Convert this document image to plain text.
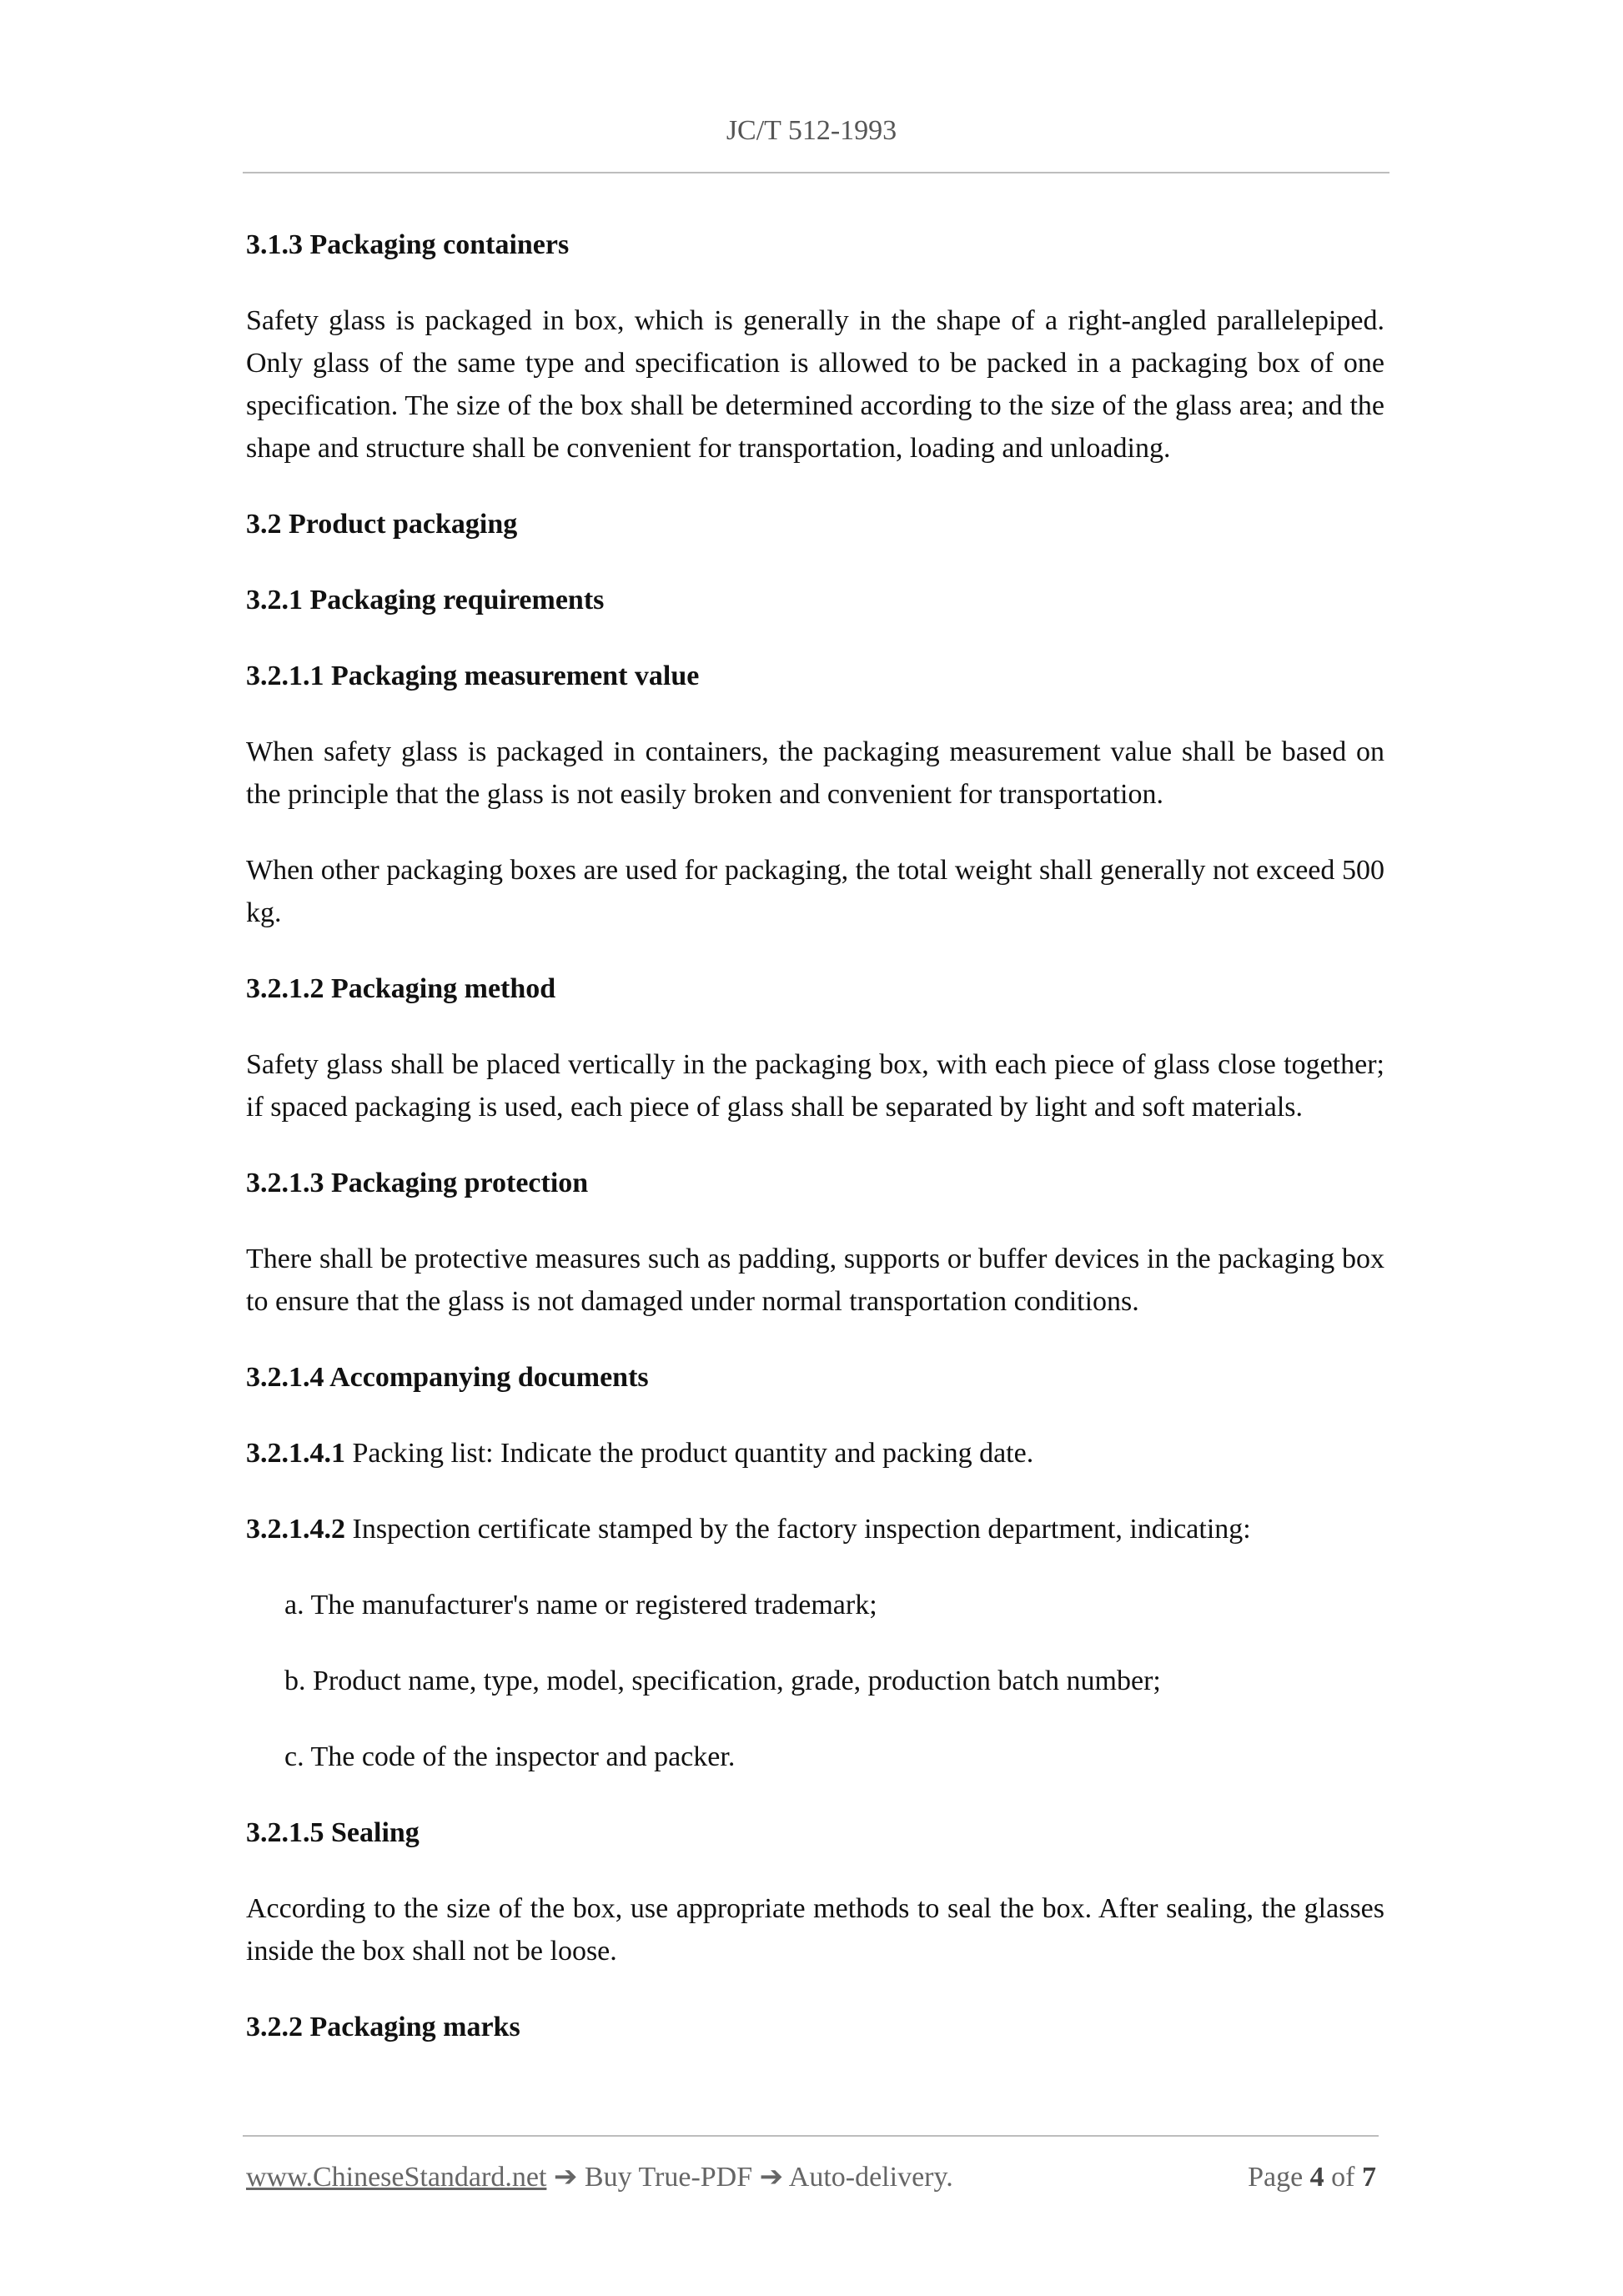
JC/T 512-1993
3.1.3 Packaging containers
Safety glass is packaged in box, which is generally in the shape of a right-angled parallelepiped. Only glass of the same type and specification is allowed to be packed in a packaging box of one specification. The size of the box shall be determined according to the size of the glass area; and the shape and structure shall be convenient for transportation, loading and unloading.
3.2 Product packaging
3.2.1 Packaging requirements
3.2.1.1 Packaging measurement value
When safety glass is packaged in containers, the packaging measurement value shall be based on the principle that the glass is not easily broken and convenient for transportation.
When other packaging boxes are used for packaging, the total weight shall generally not exceed 500 kg.
3.2.1.2 Packaging method
Safety glass shall be placed vertically in the packaging box, with each piece of glass close together; if spaced packaging is used, each piece of glass shall be separated by light and soft materials.
3.2.1.3 Packaging protection
There shall be protective measures such as padding, supports or buffer devices in the packaging box to ensure that the glass is not damaged under normal transportation conditions.
3.2.1.4 Accompanying documents
3.2.1.4.1 Packing list: Indicate the product quantity and packing date.
3.2.1.4.2 Inspection certificate stamped by the factory inspection department, indicating:
a. The manufacturer's name or registered trademark;
b. Product name, type, model, specification, grade, production batch number;
c. The code of the inspector and packer.
3.2.1.5 Sealing
According to the size of the box, use appropriate methods to seal the box. After sealing, the glasses inside the box shall not be loose.
3.2.2 Packaging marks
www.ChineseStandard.net ➔ Buy True-PDF ➔ Auto-delivery.	Page 4 of 7
